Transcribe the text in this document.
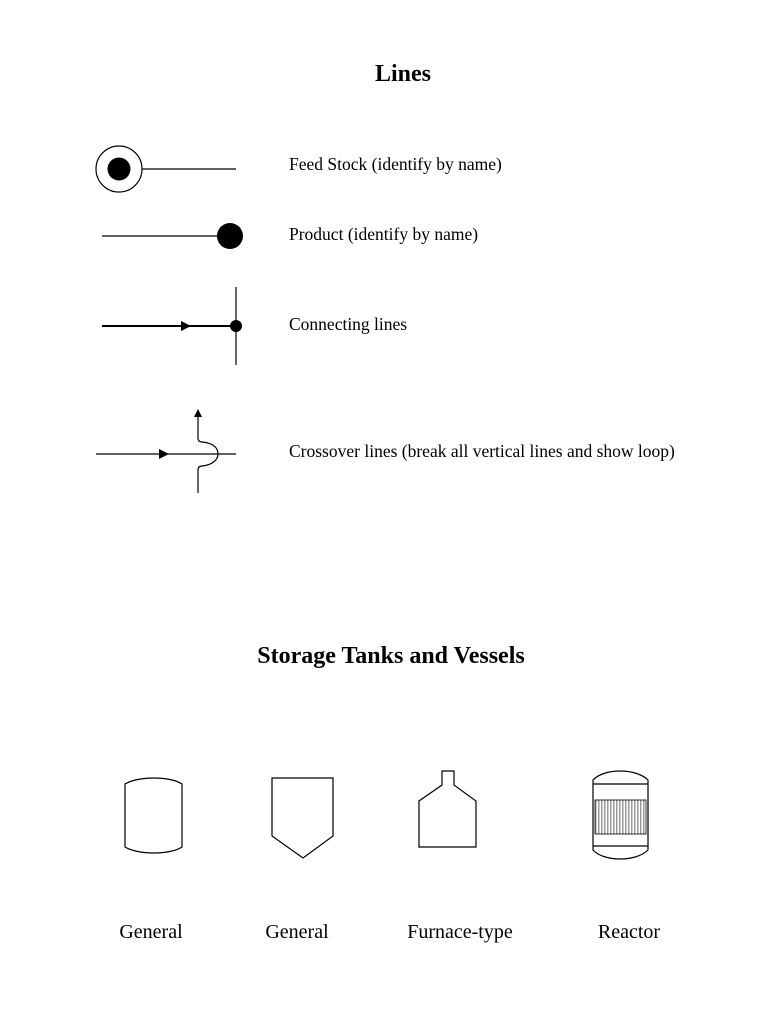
Lines
Feed Stock (identify by name)
Product (identify by name)
Connecting lines
Crossover lines (break all vertical lines and show loop)
Storage Tanks and Vessels
General	General	Furnace-type	Reactor
